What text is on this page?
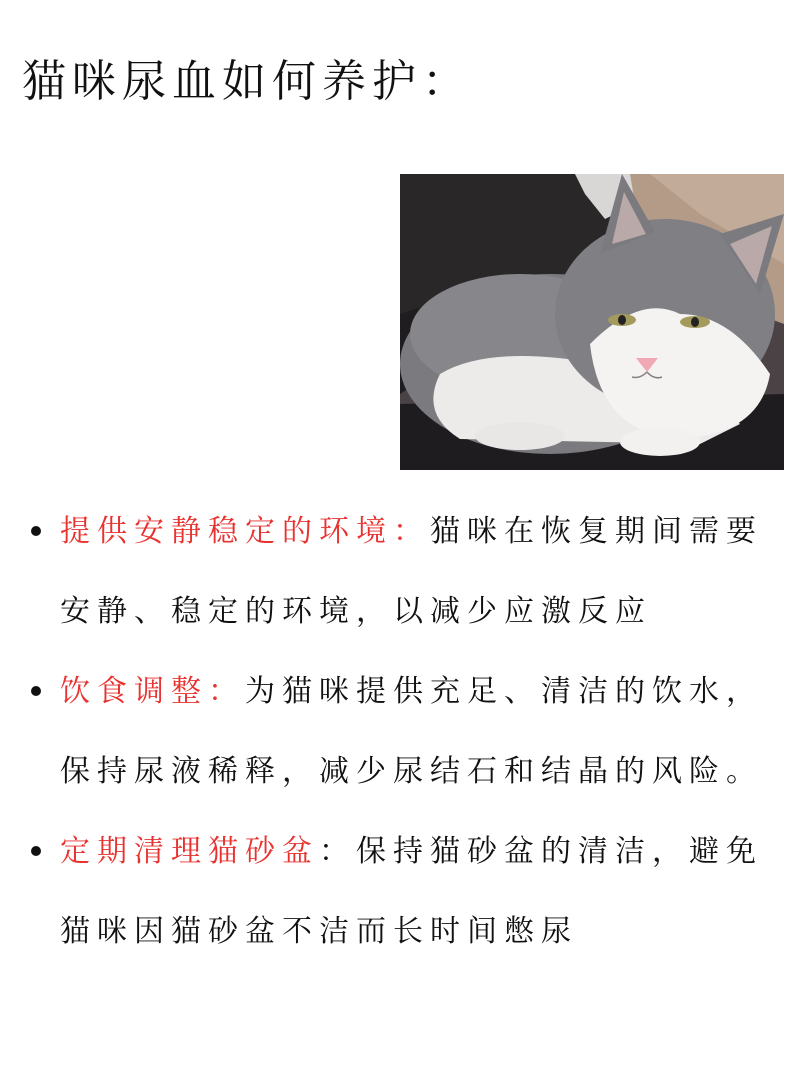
猫咪尿血如何养护：
提供安静稳定的环境：猫咪在恢复期间需要安静、稳定的环境，以减少应激反应
饮食调整：为猫咪提供充足、清洁的饮水，保持尿液稀释，减少尿结石和结晶的风险。
定期清理猫砂盆：保持猫砂盆的清洁，避免猫咪因猫砂盆不洁而长时间憋尿
